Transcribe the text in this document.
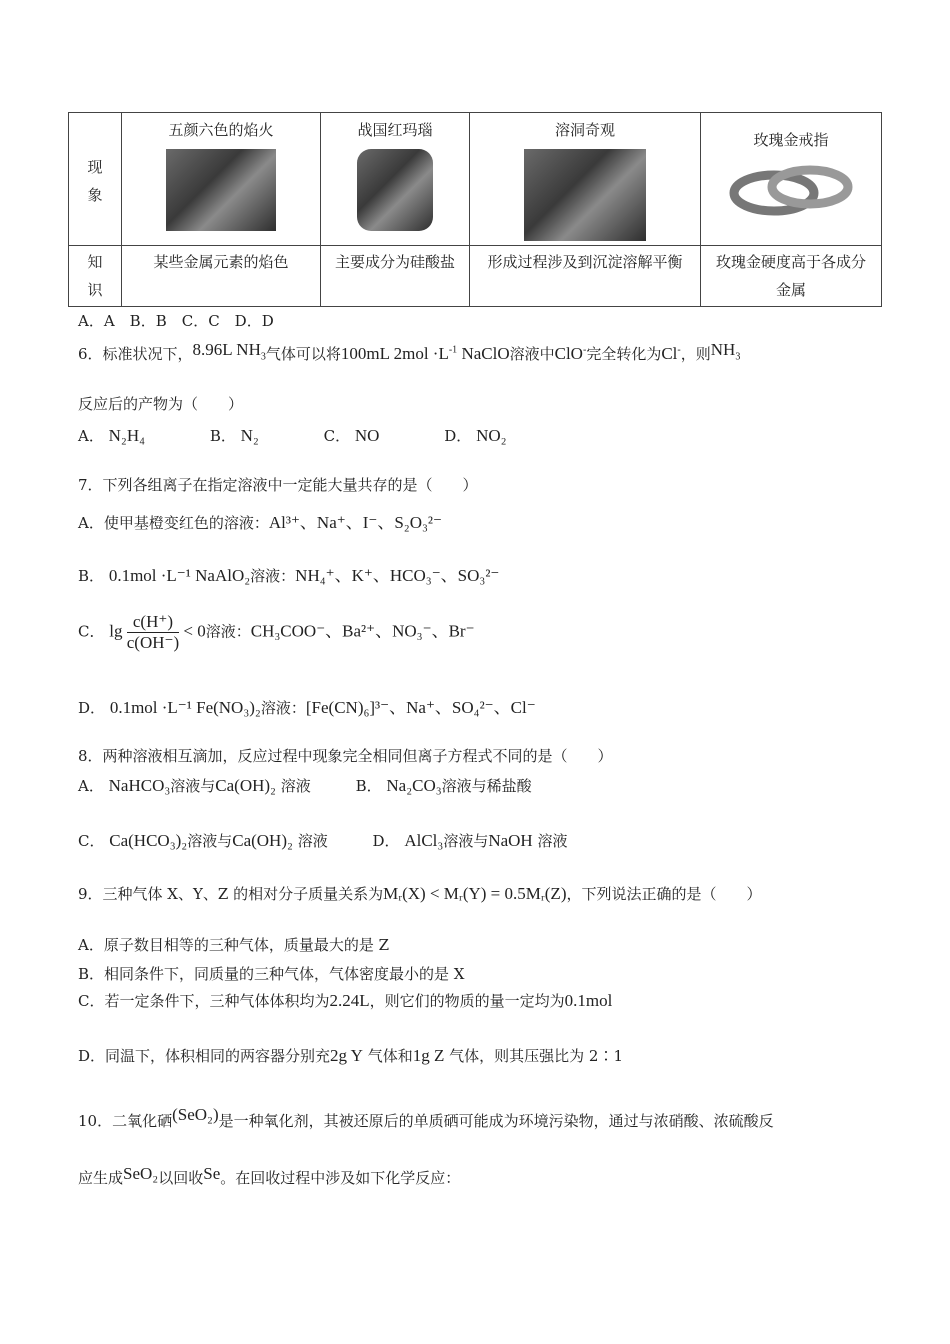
现象	五颜六色的焰火	战国红玛瑙	溶洞奇观	玫瑰金戒指

知识	某些金属元素的焰色	主要成分为硅酸盐	形成过程涉及到沉淀溶解平衡	玫瑰金硬度高于各成分金属
A．A　B．B　C．C　D．D
6．标准状况下，8.96L $NH_3$气体可以将100mL $2mol \cdot L^{-1}$ NaClO溶液中ClO-完全转化为Cl-，则$NH_3$
反应后的产物为（　　）
A． N₂H₄	B． N₂	C． NO	D． NO₂
7．下列各组离子在指定溶液中一定能大量共存的是（　　）
A．使甲基橙变红色的溶液：Al³⁺、Na⁺、I⁻、S₂O₃²⁻
B． 0.1mol ·L⁻¹ NaAlO₂溶液：NH₄⁺、K⁺、HCO₃⁻、SO₃²⁻
C． $\lg \frac{c(H^+)}{c(OH^-)} < 0$溶液：CH₃COO⁻、Ba²⁺、NO₃⁻、Br⁻
D． 0.1mol ·L⁻¹ Fe(NO₃)₂溶液：[Fe(CN)₆]³⁻、Na⁺、SO₄²⁻、Cl⁻
8．两种溶液相互滴加，反应过程中现象完全相同但离子方程式不同的是（　　）
A． NaHCO₃溶液与Ca(OH)₂ 溶液	B． Na₂CO₃溶液与稀盐酸
C． Ca(HCO₃)₂溶液与Ca(OH)₂ 溶液	D． AlCl₃溶液与NaOH 溶液
9．三种气体 X、Y、Z 的相对分子质量关系为Mᵣ(X) < Mᵣ(Y) = 0.5Mᵣ(Z)，下列说法正确的是（　　）
A．原子数目相等的三种气体，质量最大的是 Z
B．相同条件下，同质量的三种气体，气体密度最小的是 X
C．若一定条件下，三种气体体积均为2.24L，则它们的物质的量一定均为0.1mol
D．同温下，体积相同的两容器分别充2g Y 气体和1g Z 气体，则其压强比为 2∶1
10．二氧化硒(SeO₂)是一种氧化剂，其被还原后的单质硒可能成为环境污染物，通过与浓硝酸、浓硫酸反
应生成SeO₂以回收Se。在回收过程中涉及如下化学反应：
